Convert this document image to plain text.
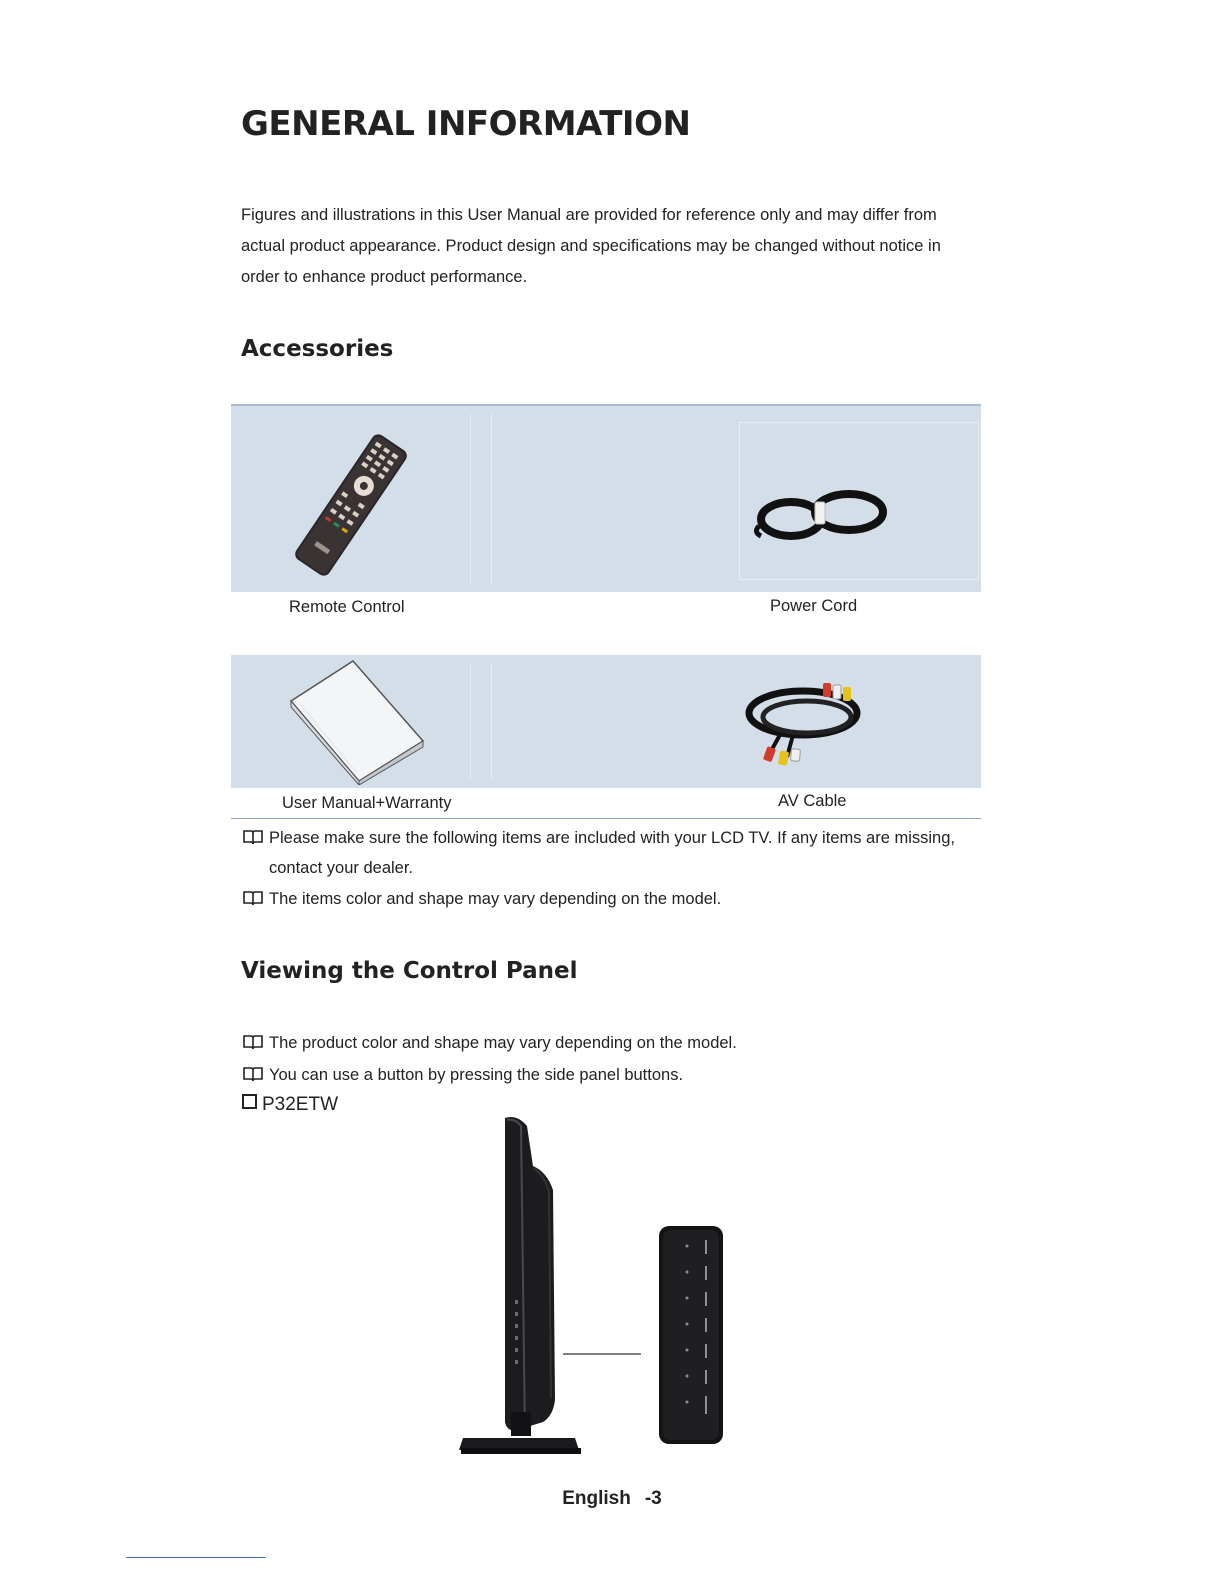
GENERAL INFORMATION

Figures and illustrations in this User Manual are provided for reference only and may differ from actual product appearance. Product design and specifications may be changed without notice in order to enhance product performance.

Accessories
Remote Control	Power Cord
User Manual+Warranty	AV Cable
Please make sure the following items are included with your LCD TV. If any items are missing,
contact your dealer.
The items color and shape may vary depending on the model.
Viewing the Control Panel
The product color and shape may vary depending on the model.
You can use a button by pressing the side panel buttons.
P32ETW
English -3
